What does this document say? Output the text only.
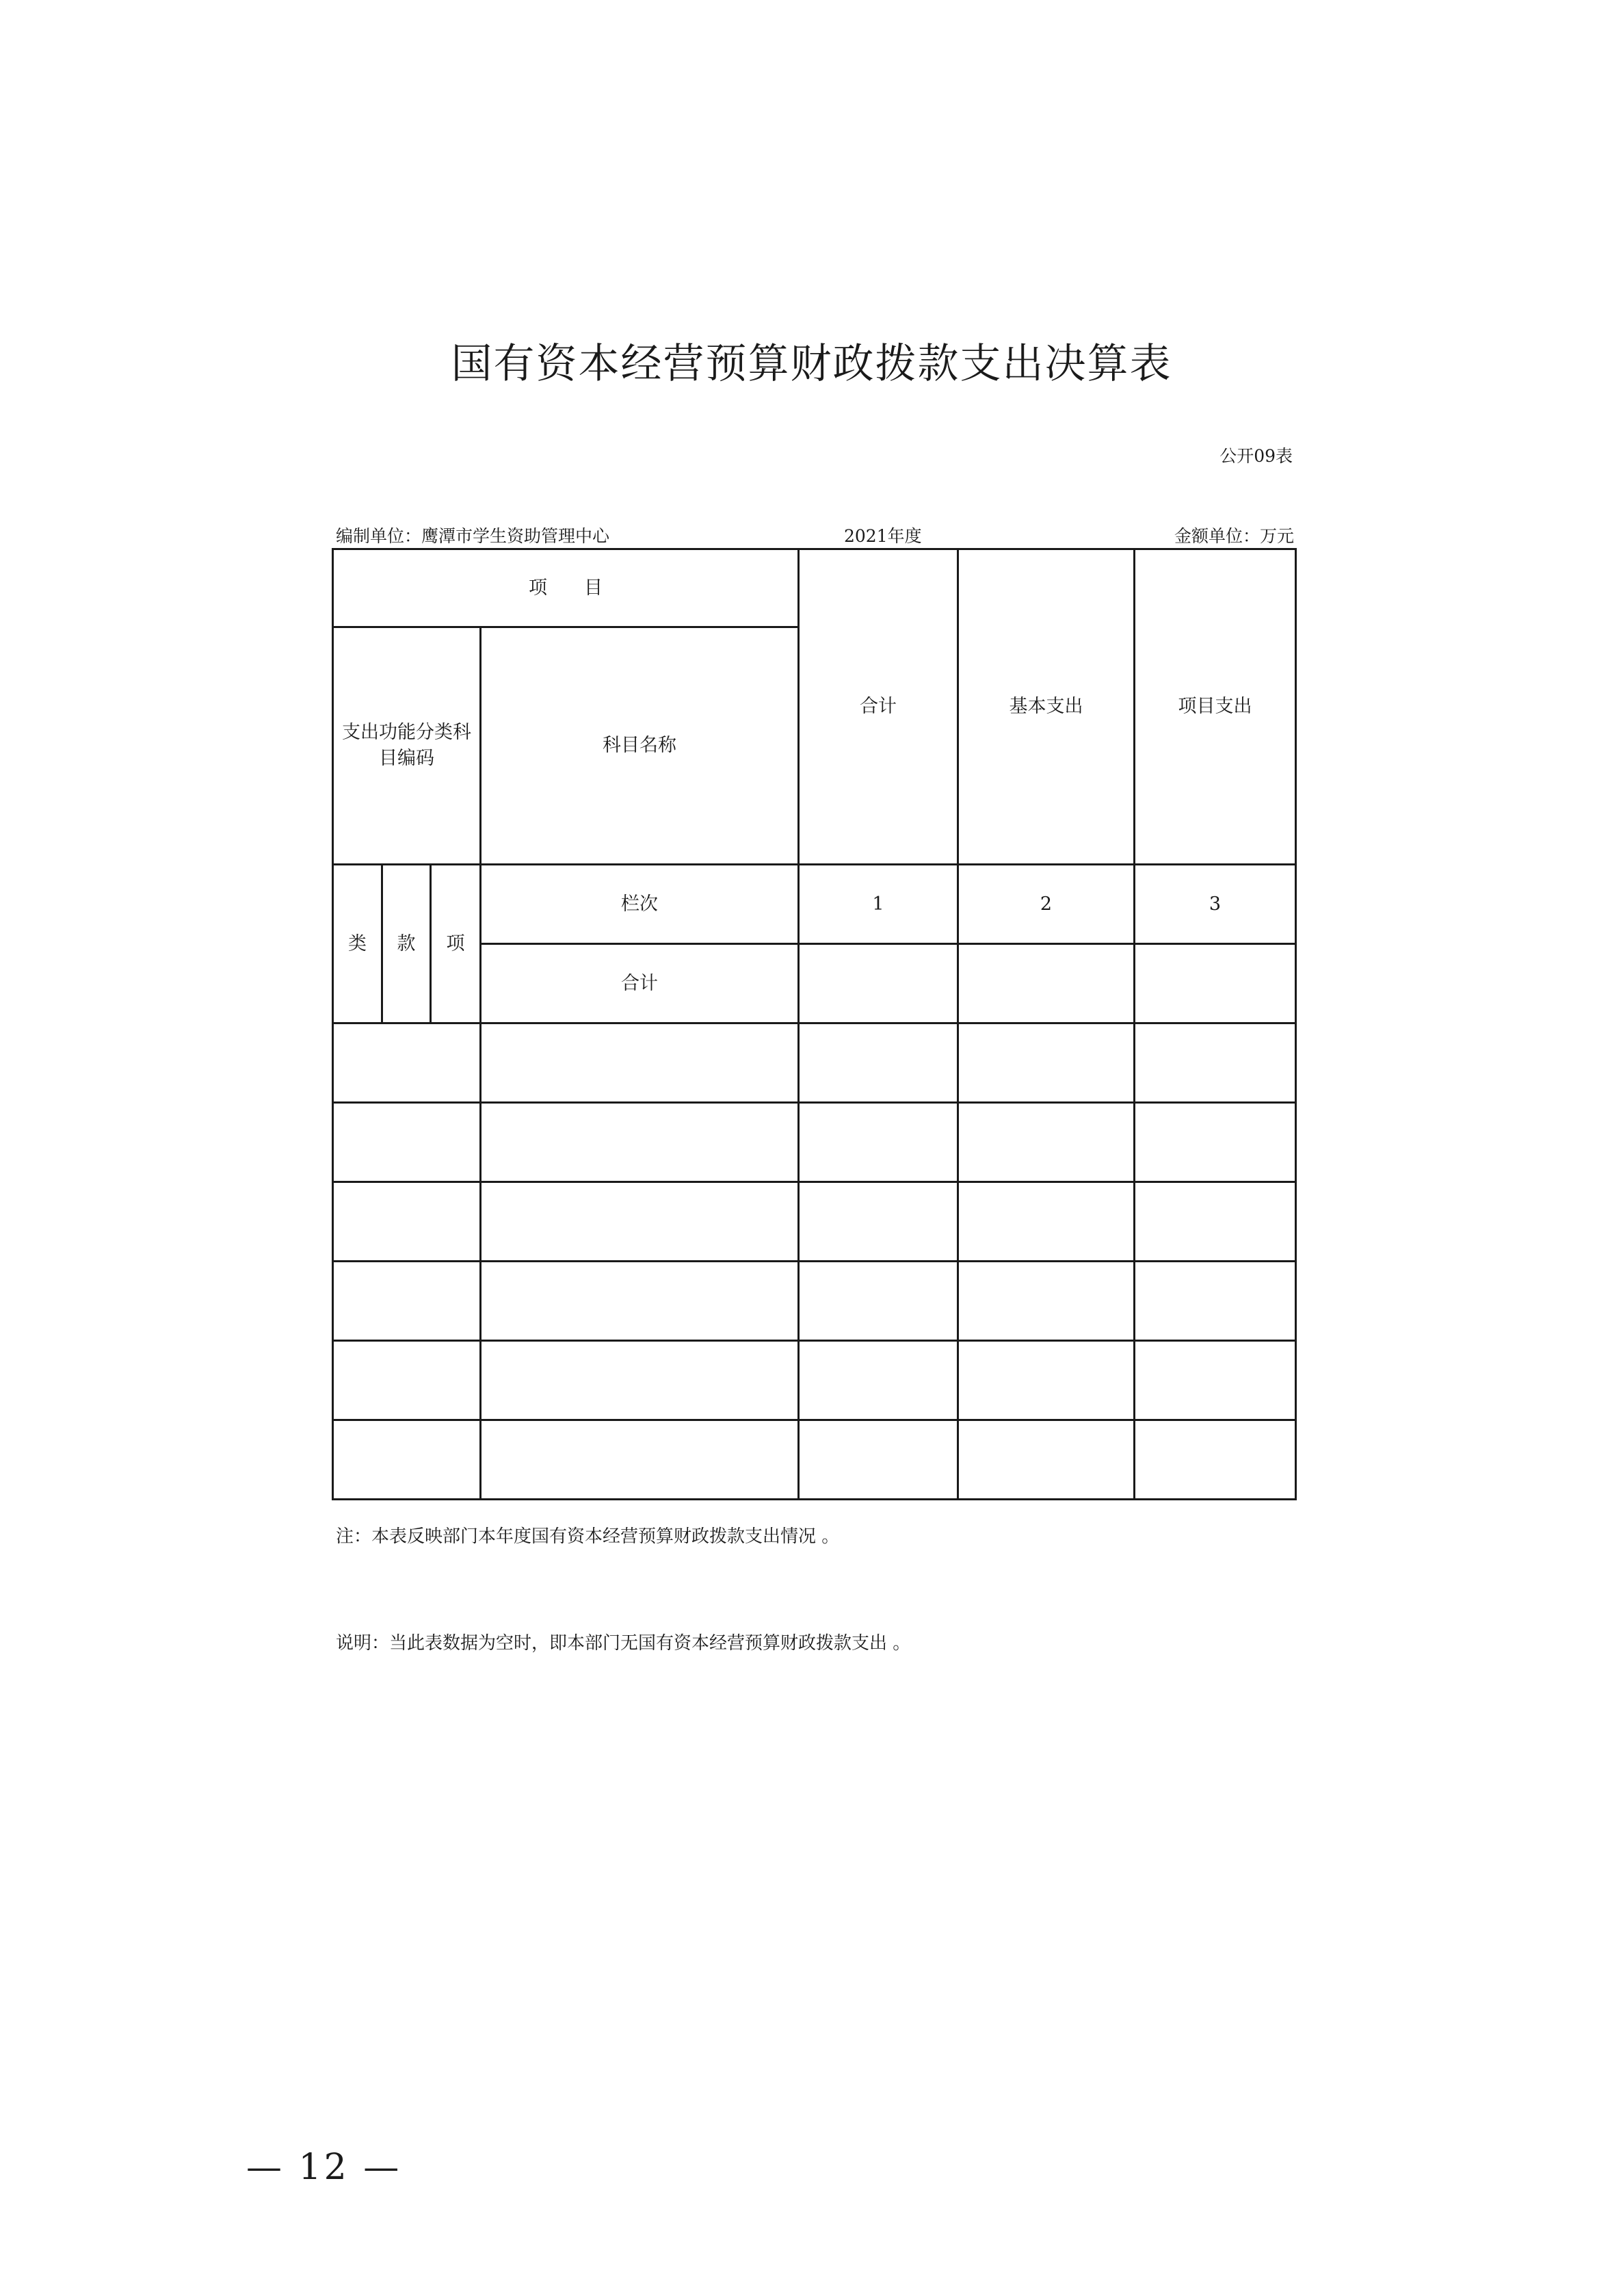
国有资本经营预算财政拨款支出决算表
公开09表
编制单位：鹰潭市学生资助管理中心	2021年度	金额单位：万元
项　　目				合计	基本支出	项目支出
支出功能分类科目编码			科目名称			
类	款	项	栏次	1	2	3
			合计			

注：本表反映部门本年度国有资本经营预算财政拨款支出情况 。
说明：当此表数据为空时，即本部门无国有资本经营预算财政拨款支出 。
— 12 —
